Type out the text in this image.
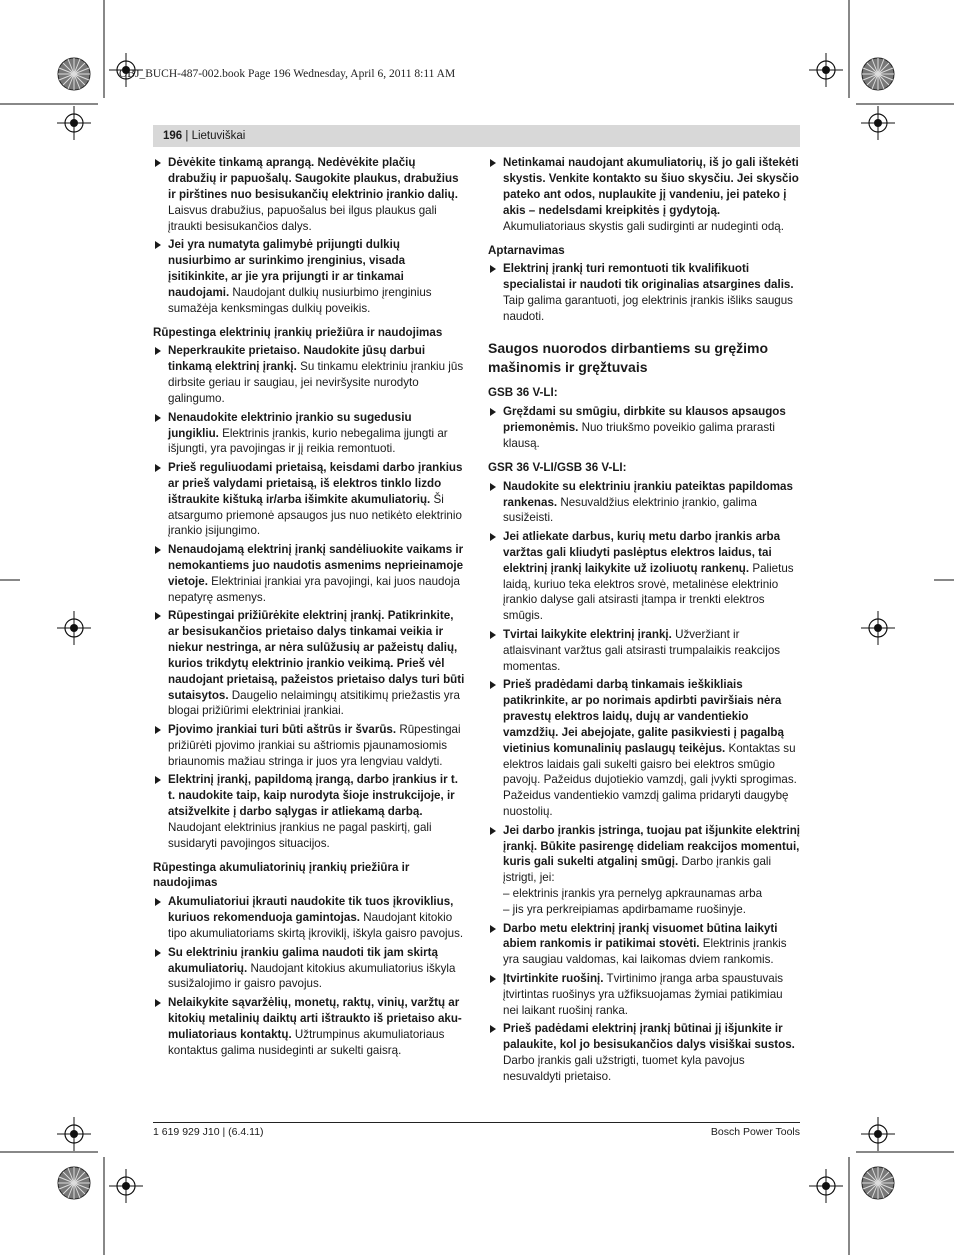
OBJ_BUCH-487-002.book Page 196 Wednesday, April 6, 2011 8:11 AM
196 | Lietuviškai
Dėvėkite tinkamą aprangą. Nedėvėkite plačių drabužių ir papuošalų. Saugokite plaukus, drabužius ir pirštines nuo besisukančių elektrinio įrankio dalių. Laisvus drabužius, papuošalus bei ilgus plaukus gali įtraukti besisukančios dalys.
Jei yra numatyta galimybė prijungti dulkių nusiurbimo ar surinkimo įrenginius, visada įsitikinkite, ar jie yra prijungti ir ar tinkamai naudojami. Naudojant dulkių nusiurbimo įrenginius sumažėja kenksmingas dulkių poveikis.
Rūpestinga elektrinių įrankių priežiūra ir naudojimas
Neperkraukite prietaiso. Naudokite jūsų darbui tinkamą elektrinį įrankį. Su tinkamu elektriniu įrankiu jūs dirbsite geriau ir saugiau, jei neviršysite nurodyto galingumo.
Nenaudokite elektrinio įrankio su sugedusiu jungikliu. Elektrinis įrankis, kurio nebegalima įjungti ar išjungti, yra pavojingas ir jį reikia remontuoti.
Prieš reguliuodami prietaisą, keisdami darbo įrankius ar prieš valydami prietaisą, iš elektros tinklo lizdo ištraukite kištuką ir/arba išimkite akumuliatorių. Ši atsargumo priemonė apsaugos jus nuo netikėto elektrinio įrankio įsijungimo.
Nenaudojamą elektrinį įrankį sandėliuokite vaikams ir nemokantiems juo naudotis asmenims neprieinamoje vietoje. Elektriniai įrankiai yra pavojingi, kai juos naudoja nepatyrę asmenys.
Rūpestingai prižiūrėkite elektrinį įrankį. Patikrinkite, ar besisukančios prietaiso dalys tinkamai veikia ir niekur nestringa, ar nėra sulūžusių ar pažeistų dalių, kurios trikdytų elektrinio įrankio veikimą. Prieš vėl naudojant prietaisą, pažeistos prietaiso dalys turi būti sutaisytos. Daugelio nelaimingų atsitikimų priežastis yra blogai prižiūrimi elektriniai įrankiai.
Pjovimo įrankiai turi būti aštrūs ir švarūs. Rūpestingai prižiūrėti pjovimo įrankiai su aštriomis pjaunamosiomis briaunomis mažiau stringa ir juos yra lengviau valdyti.
Elektrinį įrankį, papildomą įrangą, darbo įrankius ir t. t. naudokite taip, kaip nurodyta šioje instrukcijoje, ir atsižvelkite į darbo sąlygas ir atliekamą darbą. Naudojant elektrinius įrankius ne pagal paskirtį, gali susidaryti pavojingos situacijos.
Rūpestinga akumuliatorinių įrankių priežiūra ir naudojimas
Akumuliatoriui įkrauti naudokite tik tuos įkroviklius, kuriuos rekomenduoja gamintojas. Naudojant kitokio tipo akumuliatoriams skirtą įkroviklį, iškyla gaisro pavojus.
Su elektriniu įrankiu galima naudoti tik jam skirtą akumuliatorių. Naudojant kitokius akumuliatorius iškyla susižalojimo ir gaisro pavojus.
Nelaikykite sąvaržėlių, monetų, raktų, vinių, varžtų ar kitokių metalinių daiktų arti ištraukto iš prietaiso aku-muliatoriaus kontaktų. Užtrumpinus akumuliatoriaus kontaktus galima nusideginti ar sukelti gaisrą.
Netinkamai naudojant akumuliatorių, iš jo gali ištekėti skystis. Venkite kontakto su šiuo skysčiu. Jei skysčio pateko ant odos, nuplaukite jį vandeniu, jei pateko į akis – nedelsdami kreipkitės į gydytoją. Akumuliatoriaus skystis gali sudirginti ar nudeginti odą.
Aptarnavimas
Elektrinį įrankį turi remontuoti tik kvalifikuoti specialistai ir naudoti tik originalias atsargines dalis. Taip galima garantuoti, jog elektrinis įrankis išliks saugus naudoti.
Saugos nuorodos dirbantiems su gręžimo mašinomis ir gręžtuvais
GSB 36 V-LI:
Gręždami su smūgiu, dirbkite su klausos apsaugos priemonėmis. Nuo triukšmo poveikio galima prarasti klausą.
GSR 36 V-LI/GSB 36 V-LI:
Naudokite su elektriniu įrankiu pateiktas papildomas rankenas. Nesuvaldžius elektrinio įrankio, galima susižeisti.
Jei atliekate darbus, kurių metu darbo įrankis arba varžtas gali kliudyti paslėptus elektros laidus, tai elektrinį įrankį laikykite už izoliuotų rankenų. Palietus laidą, kuriuo teka elektros srovė, metalinėse elektrinio įrankio dalyse gali atsirasti įtampa ir trenkti elektros smūgis.
Tvirtai laikykite elektrinį įrankį. Užveržiant ir atlaisvinant varžtus gali atsirasti trumpalaikis reakcijos momentas.
Prieš pradėdami darbą tinkamais ieškikliais patikrinkite, ar po norimais apdirbti paviršiais nėra pravestų elektros laidų, dujų ar vandentiekio vamzdžių. Jei abejojate, galite pasikviesti į pagalbą vietinius komunalinių paslaugų teikėjus. Kontaktas su elektros laidais gali sukelti gaisro bei elektros smūgio pavojų. Pažeidus dujotiekio vamzdį, gali įvykti sprogimas. Pažeidus vandentiekio vamzdį galima pridaryti daugybę nuostolių.
Jei darbo įrankis įstringa, tuojau pat išjunkite elektrinį įrankį. Būkite pasirengę dideliam reakcijos momentui, kuris gali sukelti atgalinį smūgį. Darbo įrankis gali įstrigti, jei:
– elektrinis įrankis yra pernelyg apkraunamas arba
– jis yra perkreipiamas apdirbamame ruošinyje.
Darbo metu elektrinį įrankį visuomet būtina laikyti abiem rankomis ir patikimai stovėti. Elektrinis įrankis yra saugiau valdomas, kai laikomas dviem rankomis.
Įtvirtinkite ruošinį. Tvirtinimo įranga arba spaustuvais įtvirtintas ruošinys yra užfiksuojamas žymiai patikimiau nei laikant ruošinį ranka.
Prieš padėdami elektrinį įrankį būtinai jį išjunkite ir palaukite, kol jo besisukančios dalys visiškai sustos. Darbo įrankis gali užstrigti, tuomet kyla pavojus nesuvaldyti prietaiso.
1 619 929 J10 | (6.4.11)	Bosch Power Tools
